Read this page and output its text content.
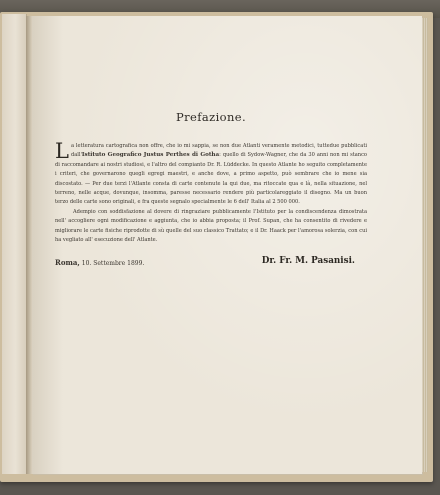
Prefazione.

La letteratura cartografica non offre, che io mi sappia, se non due Atlanti veramente metodici, tuttedue pubblicati dall'Istituto Geografico Justus Perthes di Gotha: quello di Sydow-Wagner, che da 30 anni non mi stanco di raccomandare ai nostri studiosi, e l'altro del compianto Dr. R. Lüddecke. In questo Atlante ho seguito completamente i criteri, che governarono quegli egregi maestri, e anche dove, a primo aspetto, può sembrare che io mene sia discostato. — Per due terzi l'Atlante consta di carte contenute la qui due, ma ritoccate qua e là, nella situazione, nel terreno, nelle acque, dovunque, insomma, paresse necessario rendere più particolareggiato il disegno. Ma un buon terzo delle carte sono originali, e fra queste segnalo specialmente le 6 dell' Italia al 2 500 000.

Adempio con soddisfazione al dovere di ringraziare pubblicamente l'Istituto per la condiscendenza dimostrata nell' accogliere ogni modificazione e aggiunta, che io abbia proposta; il Prof. Supan, che ha consentito di rivedere e migliorare le carte fisiche riprodotte di sù quelle del suo classico Trattato; e il Dr. Haack per l'amorosa solerzia, con cui ha vegliato all' esecuzione dell' Atlante.

Roma, 10. Settembre 1899.	Dr. Fr. M. Pasanisi.
